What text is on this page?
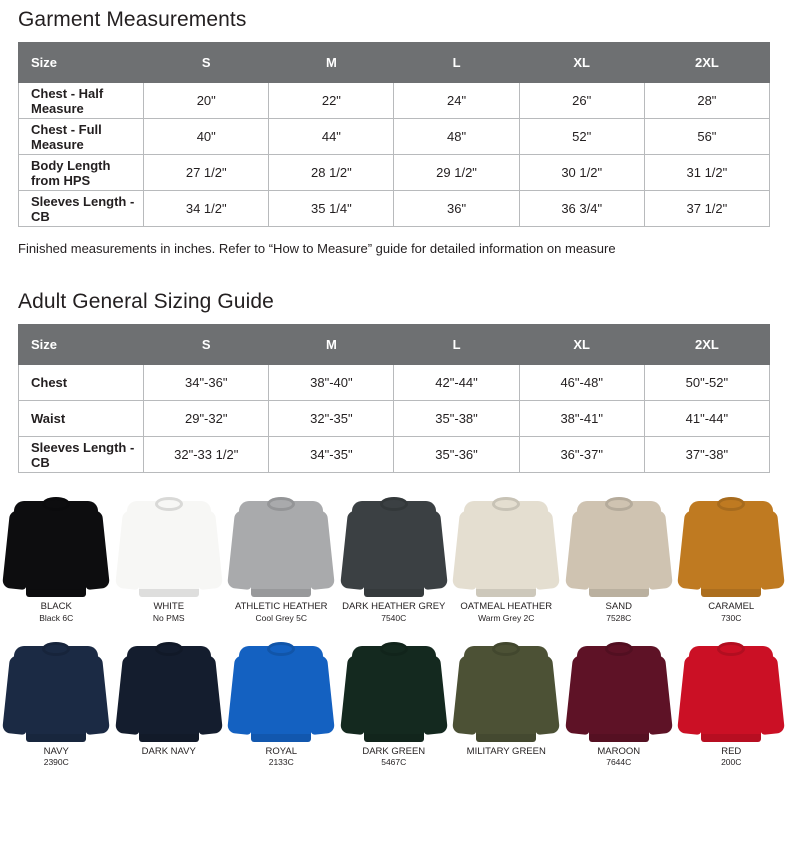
Garment Measurements
Size	S	M	L	XL	2XL
Chest - Half Measure	20"	22"	24"	26"	28"
Chest - Full Measure	40"	44"	48"	52"	56"
Body Length from HPS	27 1/2"	28 1/2"	29 1/2"	30 1/2"	31 1/2"
Sleeves Length - CB	34 1/2"	35 1/4"	36"	36 3/4"	37 1/2"
Finished measurements in inches. Refer to “How to Measure” guide for detailed information on measure
Adult General Sizing Guide
Size	S	M	L	XL	2XL
Chest	34"-36"	38"-40"	42"-44"	46"-48"	50"-52"
Waist	29"-32"	32"-35"	35"-38"	38"-41"	41"-44"
Sleeves Length - CB	32"-33 1/2"	34"-35"	35"-36"	36"-37"	37"-38"
BLACK
Black 6C
WHITE
No PMS
ATHLETIC HEATHER
Cool Grey 5C
DARK HEATHER GREY
7540C
OATMEAL HEATHER
Warm Grey 2C
SAND
7528C
CARAMEL
730C
NAVY
2390C
DARK NAVY	ROYAL
2133C
DARK GREEN
5467C
MILITARY GREEN	MAROON
7644C
RED
200C
